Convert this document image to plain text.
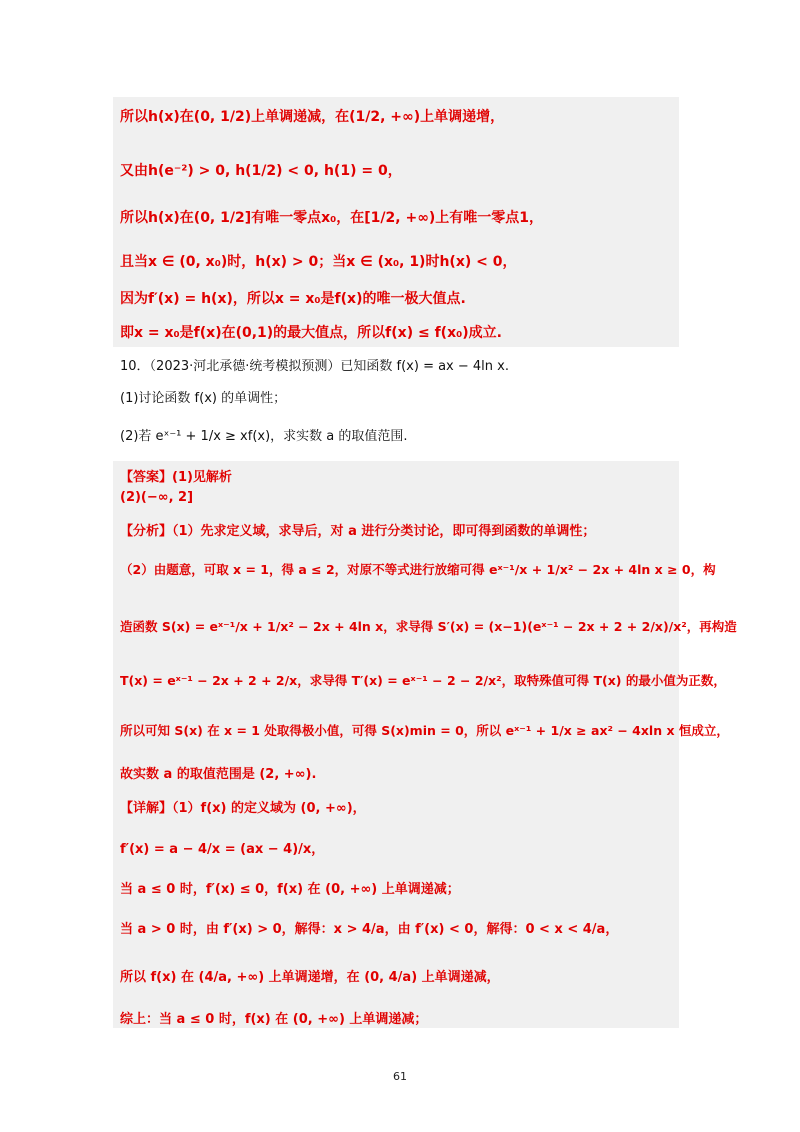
所以h(x)在(0, 1/2)上单调递减，在(1/2, +∞)上单调递增，
又由h(e⁻²) > 0, h(1/2) < 0, h(1) = 0，
所以h(x)在(0, 1/2]有唯一零点x₀，在[1/2, +∞)上有唯一零点1，
且当x ∈ (0, x₀)时，h(x) > 0；当x ∈ (x₀, 1)时h(x) < 0，
因为f′(x) = h(x)，所以x = x₀是f(x)的唯一极大值点.
即x = x₀是f(x)在(0,1)的最大值点，所以f(x) ≤ f(x₀)成立.
10．（2023·河北承德·统考模拟预测）已知函数 f(x) = ax − 4ln x.
(1)讨论函数 f(x) 的单调性；
(2)若 eˣ⁻¹ + 1/x ≥ xf(x)，求实数 a 的取值范围.
【答案】(1)见解析
(2)(−∞, 2]
【分析】（1）先求定义域，求导后，对 a 进行分类讨论，即可得到函数的单调性；
（2）由题意，可取 x = 1，得 a ≤ 2，对原不等式进行放缩可得 eˣ⁻¹/x + 1/x² − 2x + 4ln x ≥ 0，构
造函数 S(x) = eˣ⁻¹/x + 1/x² − 2x + 4ln x，求导得 S′(x) = (x−1)(eˣ⁻¹ − 2x + 2 + 2/x)/x²，再构造
T(x) = eˣ⁻¹ − 2x + 2 + 2/x，求导得 T′(x) = eˣ⁻¹ − 2 − 2/x²，取特殊值可得 T(x) 的最小值为正数，
所以可知 S(x) 在 x = 1 处取得极小值，可得 S(x)min = 0，所以 eˣ⁻¹ + 1/x ≥ ax² − 4xln x 恒成立，
故实数 a 的取值范围是 (2, +∞).
【详解】（1）f(x) 的定义域为 (0, +∞)，
f′(x) = a − 4/x = (ax − 4)/x，
当 a ≤ 0 时，f′(x) ≤ 0，f(x) 在 (0, +∞) 上单调递减；
当 a > 0 时，由 f′(x) > 0，解得：x > 4/a，由 f′(x) < 0，解得：0 < x < 4/a，
所以 f(x) 在 (4/a, +∞) 上单调递增，在 (0, 4/a) 上单调递减，
综上：当 a ≤ 0 时，f(x) 在 (0, +∞) 上单调递减；
61
